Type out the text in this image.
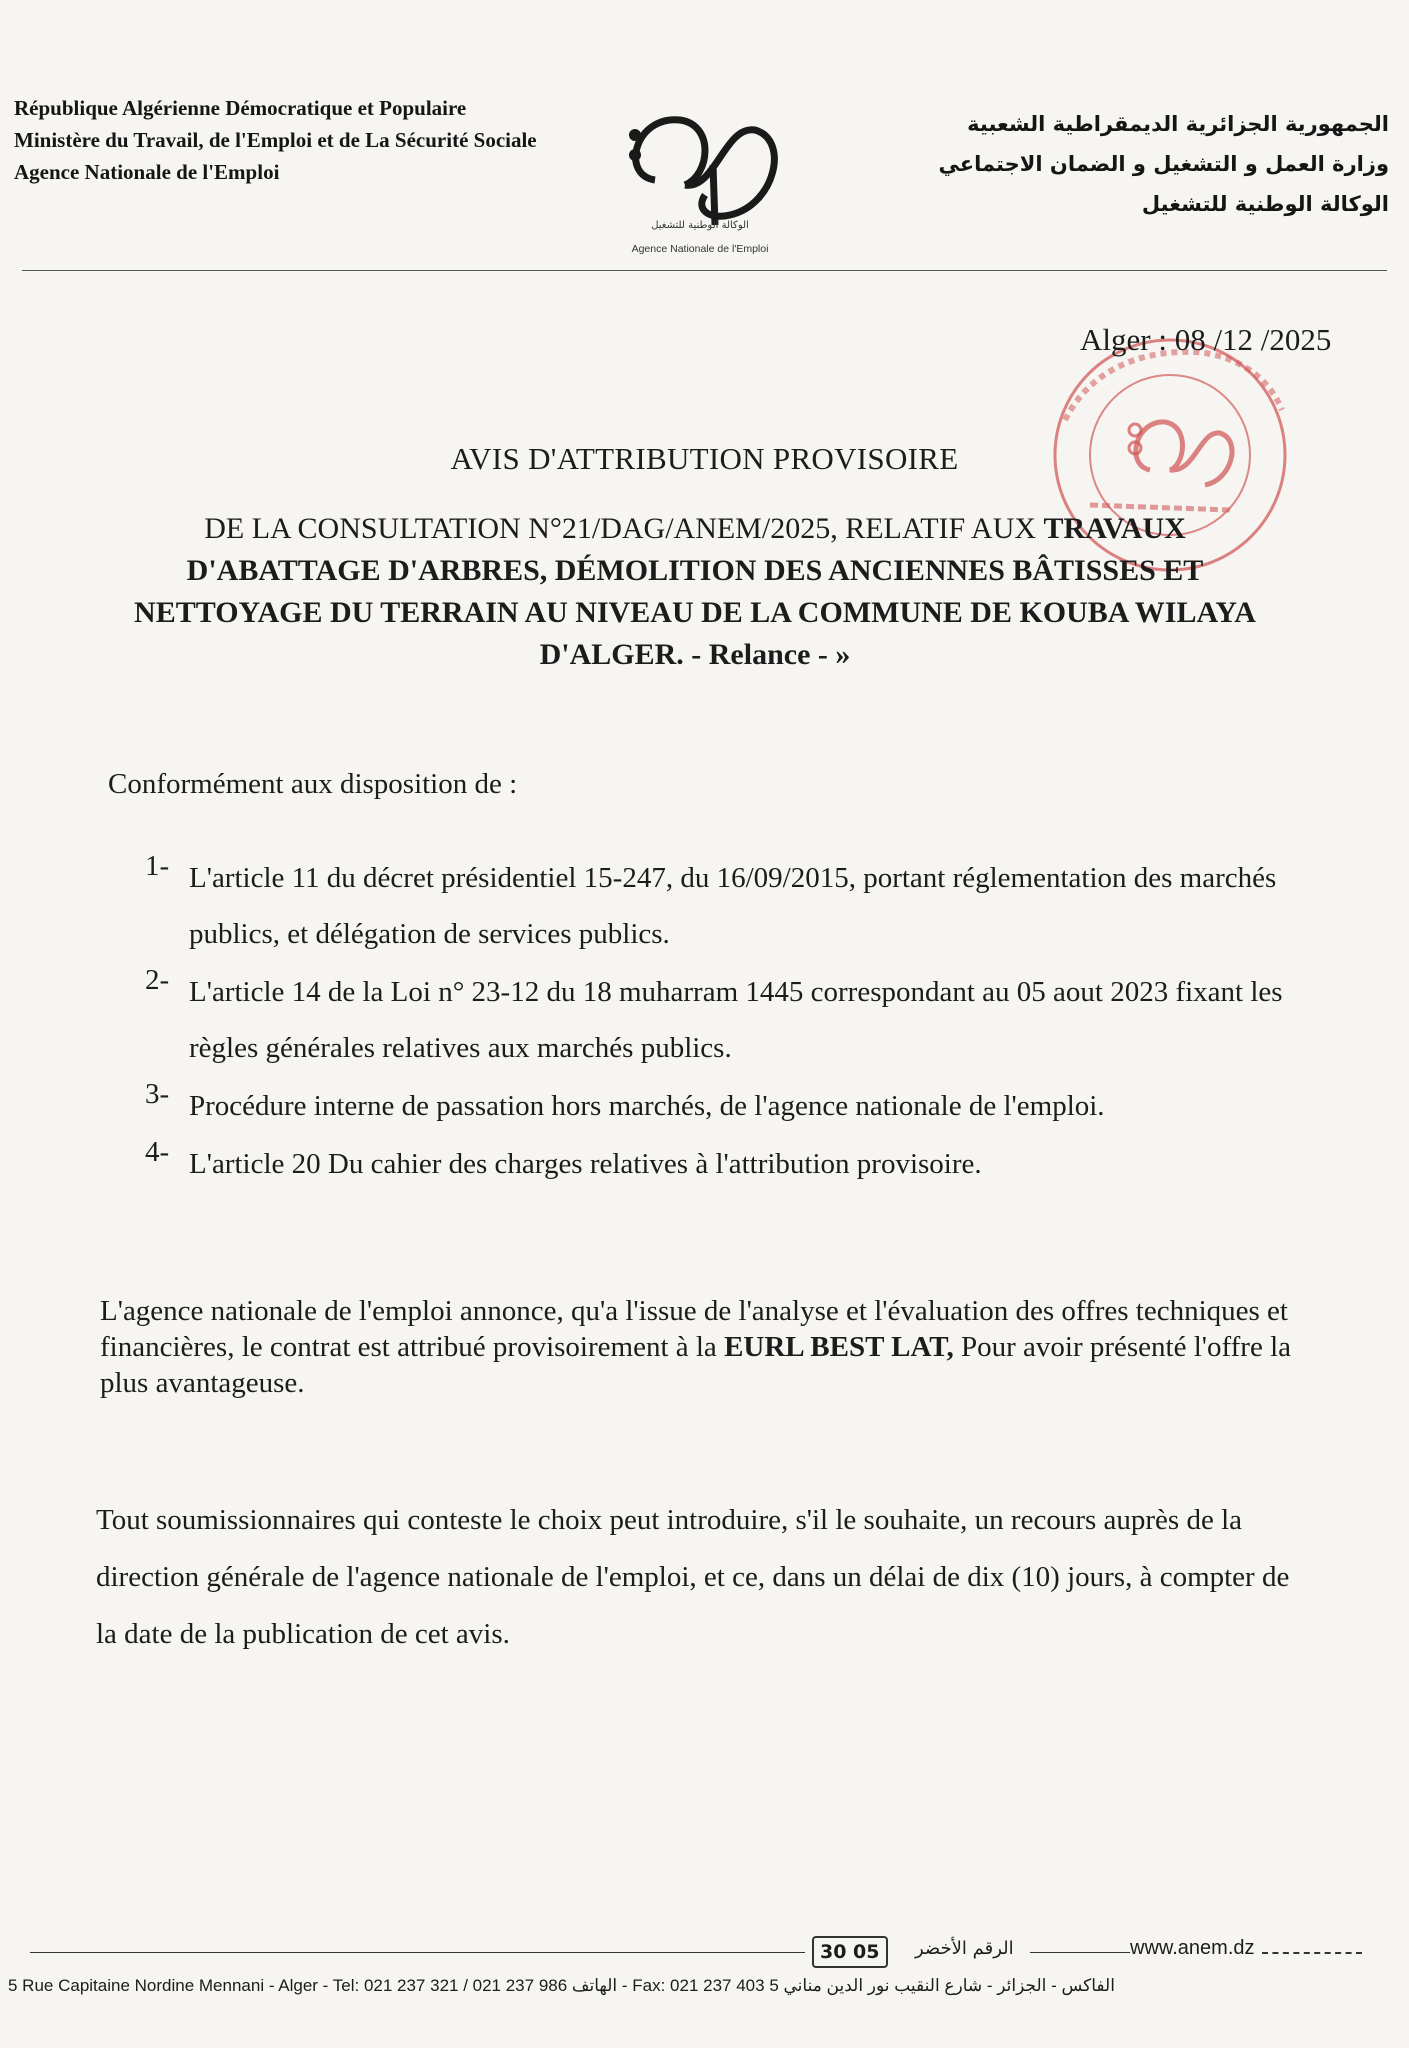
République Algérienne Démocratique et Populaire
Ministère du Travail, de l'Emploi et de La Sécurité Sociale
Agence Nationale de l'Emploi
الوكالة الوطنية للتشغيل
Agence Nationale de l'Emploi
الجمهورية الجزائرية الديمقراطية الشعبية
وزارة العمل و التشغيل و الضمان الاجتماعي
الوكالة الوطنية للتشغيل
Alger : 08 /12 /2025
AVIS D'ATTRIBUTION PROVISOIRE
DE LA CONSULTATION N°21/DAG/ANEM/2025, RELATIF AUX TRAVAUX D'ABATTAGE D'ARBRES, DÉMOLITION DES ANCIENNES BÂTISSES ET NETTOYAGE DU TERRAIN AU NIVEAU DE LA COMMUNE DE KOUBA WILAYA D'ALGER. - Relance - »
Conformément aux disposition de :
1- L'article 11 du décret présidentiel 15-247, du 16/09/2015, portant réglementation des marchés publics, et délégation de services publics.
2- L'article 14 de la Loi n° 23-12 du 18 muharram 1445 correspondant au 05 aout 2023 fixant les règles générales relatives aux marchés publics.
3- Procédure interne de passation hors marchés, de l'agence nationale de l'emploi.
4- L'article 20 Du cahier des charges relatives à l'attribution provisoire.
L'agence nationale de l'emploi annonce, qu'a l'issue de l'analyse et l'évaluation des offres techniques et financières, le contrat est attribué provisoirement à la EURL BEST LAT, Pour avoir présenté l'offre la plus avantageuse.
Tout soumissionnaires qui conteste le choix peut introduire, s'il le souhaite, un recours auprès de la direction générale de l'agence nationale de l'emploi, et ce, dans un délai de dix (10) jours, à compter de la date de la publication de cet avis.
30 05	الرقم الأخضر	www.anem.dz
5 Rue Capitaine Nordine Mennani - Alger - Tel: 021 237 321 / 021 237 986 الهاتف - Fax: 021 237 403 الفاكس - الجزائر - شارع النقيب نور الدين مناني 5
